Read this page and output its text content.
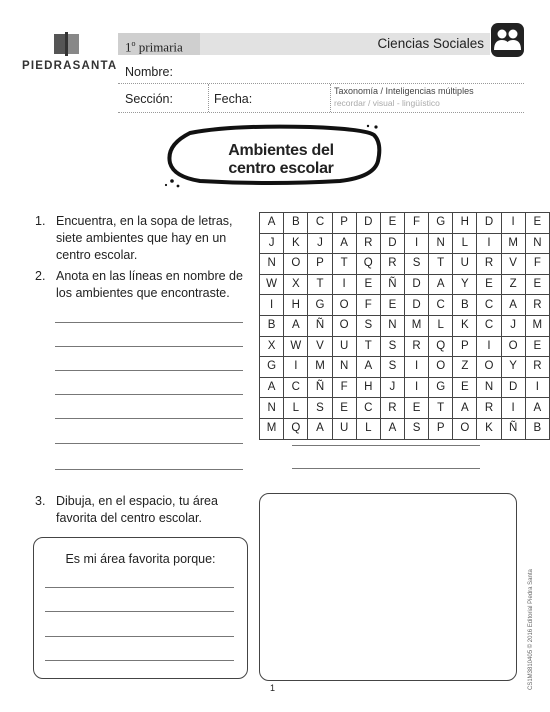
PIEDRASANTA
1$^o$ primaria	Ciencias Sociales
Nombre:
Sección:	Fecha:
Taxonomía / Inteligencias múltiples
recordar / visual - lingüístico
Ambientes del
centro escolar
1. Encuentra, en la sopa de letras,
siete ambientes que hay en un
centro escolar.
2. Anota en las líneas en nombre de
los ambientes que encontraste.
A	B	C	P	D	E	F	G	H	D	I	E
J	K	J	A	R	D	I	N	L	I	M	N
N	O	P	T	Q	R	S	T	U	R	V	F
W	X	T	I	E	Ñ	D	A	Y	E	Z	E
I	H	G	O	F	E	D	C	B	C	A	R
B	A	Ñ	O	S	N	M	L	K	C	J	M
X	W	V	U	T	S	R	Q	P	I	O	E
G	I	M	N	A	S	I	O	Z	O	Y	R
A	C	Ñ	F	H	J	I	G	E	N	D	I
N	L	S	E	C	R	E	T	A	R	I	A
M	Q	A	U	L	A	S	P	O	K	Ñ	B
3. Dibuja, en el espacio, tu área
favorita del centro escolar.
Es mi área favorita porque:
CS1M3810405 © 2016 Editorial Piedra Santa
1
